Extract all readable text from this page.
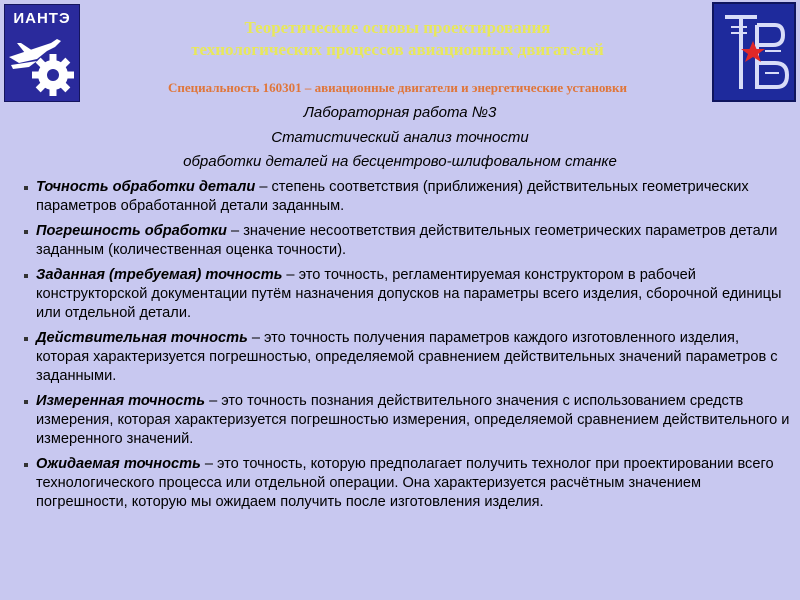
ИАНТЭ	Теоретические основы проектирования
технологических процессов авиационных двигателей
Специальность 160301 – авиационные двигатели и энергетические установки
Лабораторная работа №3
Статистический анализ точности
обработки деталей на бесцентрово-шлифовальном станке
Точность обработки детали – степень соответствия (приближения) действительных геометрических параметров обработанной детали заданным.
Погрешность обработки – значение несоответствия действительных геометрических параметров детали заданным (количественная оценка точности).
Заданная (требуемая) точность – это точность, регламентируемая конструктором в рабочей конструкторской документации путём назначения допусков на параметры всего изделия, сборочной единицы или отдельной детали.
Действительная точность – это точность получения параметров каждого изготовленного изделия, которая характеризуется погрешностью, определяемой сравнением действительных значений параметров с заданными.
Измеренная точность – это точность познания действительного значения с использованием средств измерения, которая характеризуется погрешностью измерения, определяемой сравнением действительного и измеренного значений.
Ожидаемая точность – это точность, которую предполагает получить технолог при проектировании всего технологического процесса или отдельной операции. Она характеризуется расчётным значением погрешности, которую мы ожидаем получить после изготовления изделия.
